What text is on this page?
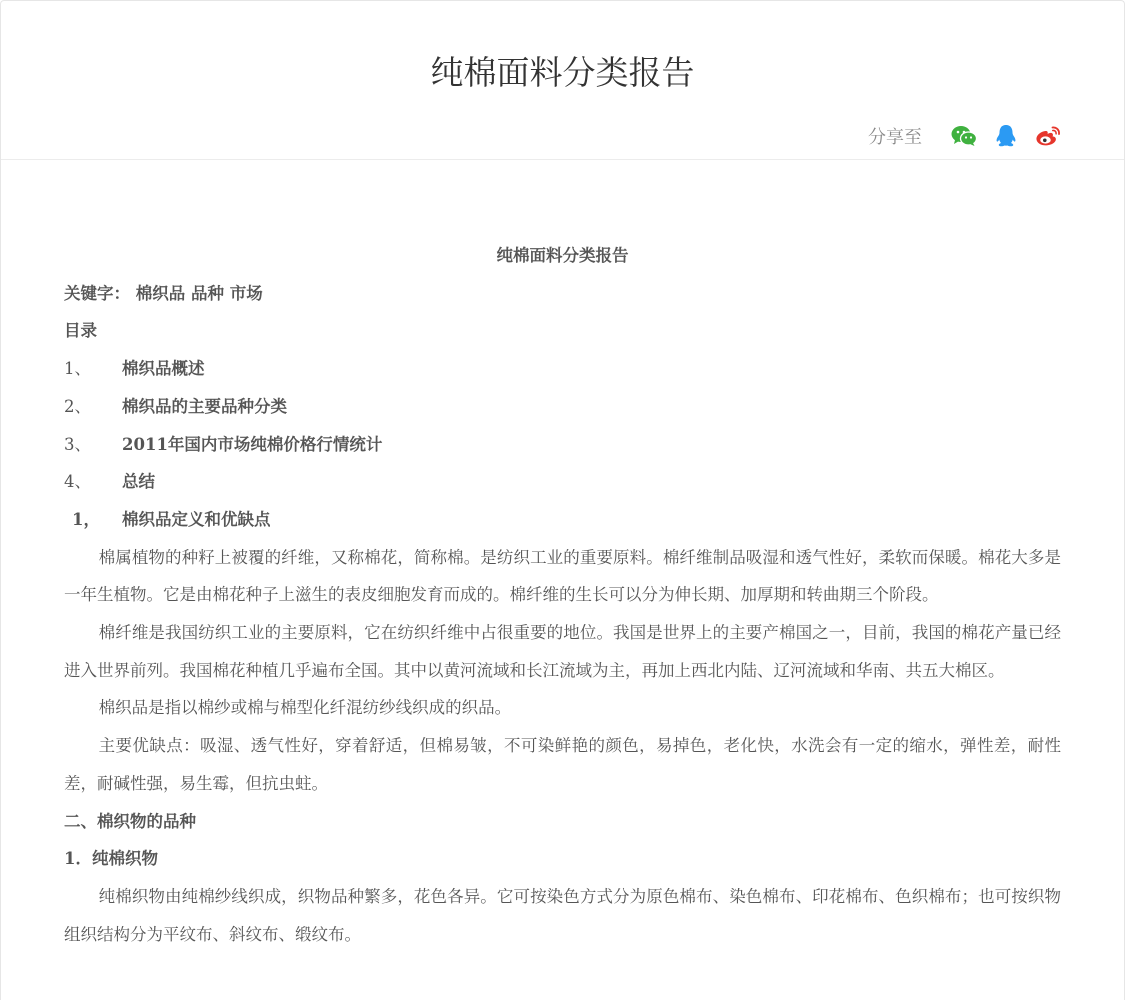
纯棉面料分类报告
分享至

纯棉面料分类报告

关键字： 棉织品 品种 市场

目录

1、	棉织品概述
2、	棉织品的主要品种分类
3、	2011年国内市场纯棉价格行情统计
4、	总结
1，	棉织品定义和优缺点

棉属植物的种籽上被覆的纤维，又称棉花，简称棉。是纺织工业的重要原料。棉纤维制品吸湿和透气性好，柔软而保暖。棉花大多是一年生植物。它是由棉花种子上滋生的表皮细胞发育而成的。棉纤维的生长可以分为伸长期、加厚期和转曲期三个阶段。

棉纤维是我国纺织工业的主要原料，它在纺织纤维中占很重要的地位。我国是世界上的主要产棉国之一，目前，我国的棉花产量已经进入世界前列。我国棉花种植几乎遍布全国。其中以黄河流域和长江流域为主，再加上西北内陆、辽河流域和华南、共五大棉区。

棉织品是指以棉纱或棉与棉型化纤混纺纱线织成的织品。

主要优缺点：吸湿、透气性好，穿着舒适，但棉易皱，不可染鲜艳的颜色，易掉色，老化快，水洗会有一定的缩水，弹性差，耐性差，耐碱性强，易生霉，但抗虫蛀。

二、棉织物的品种

1．纯棉织物

纯棉织物由纯棉纱线织成，织物品种繁多，花色各异。它可按染色方式分为原色棉布、染色棉布、印花棉布、色织棉布；也可按织物组织结构分为平纹布、斜纹布、缎纹布。
